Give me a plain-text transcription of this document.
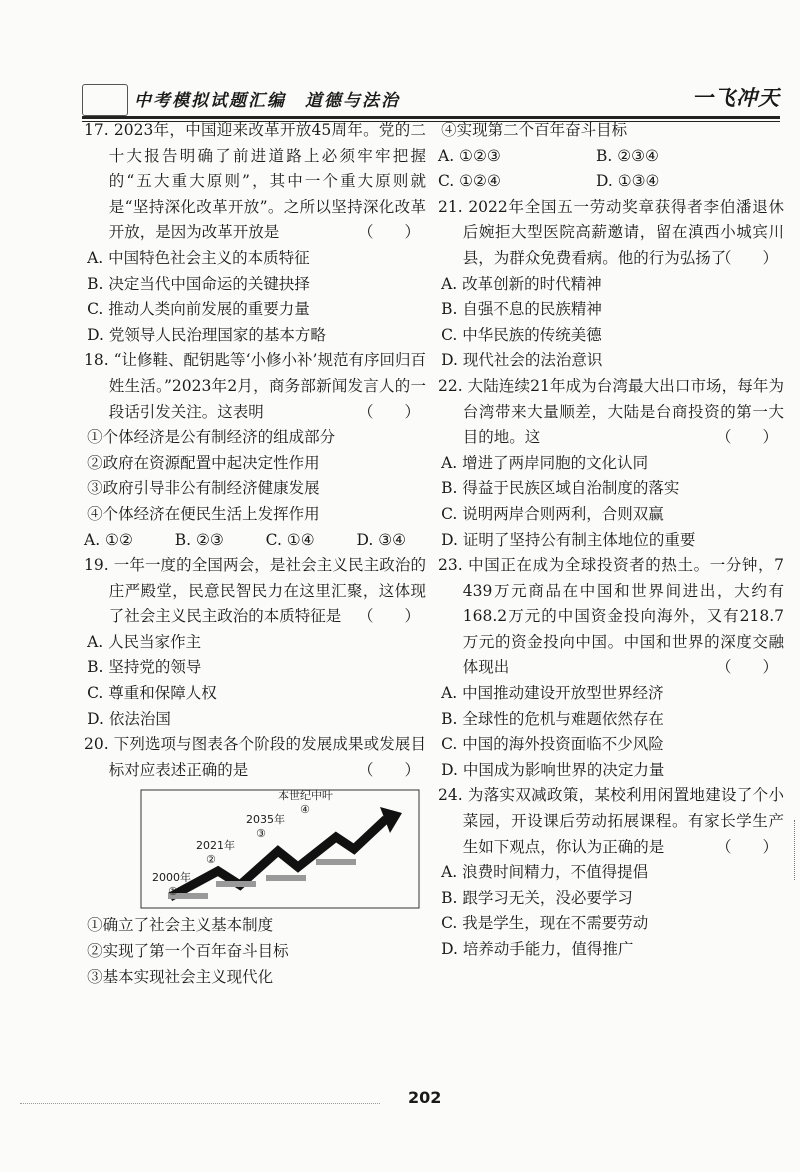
中考模拟试题汇编　道德与法治	一飞冲天
17. 2023年，中国迎来改革开放45周年。党的二十大报告明确了前进道路上必须牢牢把握的“五大重大原则”，其中一个重大原则就是“坚持深化改革开放”。之所以坚持深化改革开放，是因为改革开放是	（　　）
A. 中国特色社会主义的本质特征
B. 决定当代中国命运的关键抉择
C. 推动人类向前发展的重要力量
D. 党领导人民治理国家的基本方略
18. “让修鞋、配钥匙等‘小修小补’规范有序回归百姓生活。”2023年2月，商务部新闻发言人的一段话引发关注。这表明	（　　）
①个体经济是公有制经济的组成部分
②政府在资源配置中起决定性作用
③政府引导非公有制经济健康发展
④个体经济在便民生活上发挥作用
A. ①②	B. ②③	C. ①④	D. ③④
19. 一年一度的全国两会，是社会主义民主政治的庄严殿堂，民意民智民力在这里汇聚，这体现了社会主义民主政治的本质特征是 （　　）
A. 人民当家作主
B. 坚持党的领导
C. 尊重和保障人权
D. 依法治国
20. 下列选项与图表各个阶段的发展成果或发展目标对应表述正确的是	（　　）
2000年
①
2021年
②
2035年
③
本世纪中叶
④
①确立了社会主义基本制度
②实现了第一个百年奋斗目标
③基本实现社会主义现代化
④实现第二个百年奋斗目标
A. ①②③	B. ②③④
C. ①②④	D. ①③④
21. 2022年全国五一劳动奖章获得者李伯潘退休后婉拒大型医院高薪邀请，留在滇西小城宾川县，为群众免费看病。他的行为弘扬了
（　　）
A. 改革创新的时代精神
B. 自强不息的民族精神
C. 中华民族的传统美德
D. 现代社会的法治意识
22. 大陆连续21年成为台湾最大出口市场，每年为台湾带来大量顺差，大陆是台商投资的第一大目的地。这	（　　）
A. 增进了两岸同胞的文化认同
B. 得益于民族区域自治制度的落实
C. 说明两岸合则两利，合则双赢
D. 证明了坚持公有制主体地位的重要
23. 中国正在成为全球投资者的热土。一分钟，7 439万元商品在中国和世界间进出，大约有168.2万元的中国资金投向海外，又有218.7万元的资金投向中国。中国和世界的深度交融体现出	（　　）
A. 中国推动建设开放型世界经济
B. 全球性的危机与难题依然存在
C. 中国的海外投资面临不少风险
D. 中国成为影响世界的决定力量
24. 为落实双减政策，某校利用闲置地建设了个小菜园，开设课后劳动拓展课程。有家长学生产生如下观点，你认为正确的是	（　　）
A. 浪费时间精力，不值得提倡
B. 跟学习无关，没必要学习
C. 我是学生，现在不需要劳动
D. 培养动手能力，值得推广
202
